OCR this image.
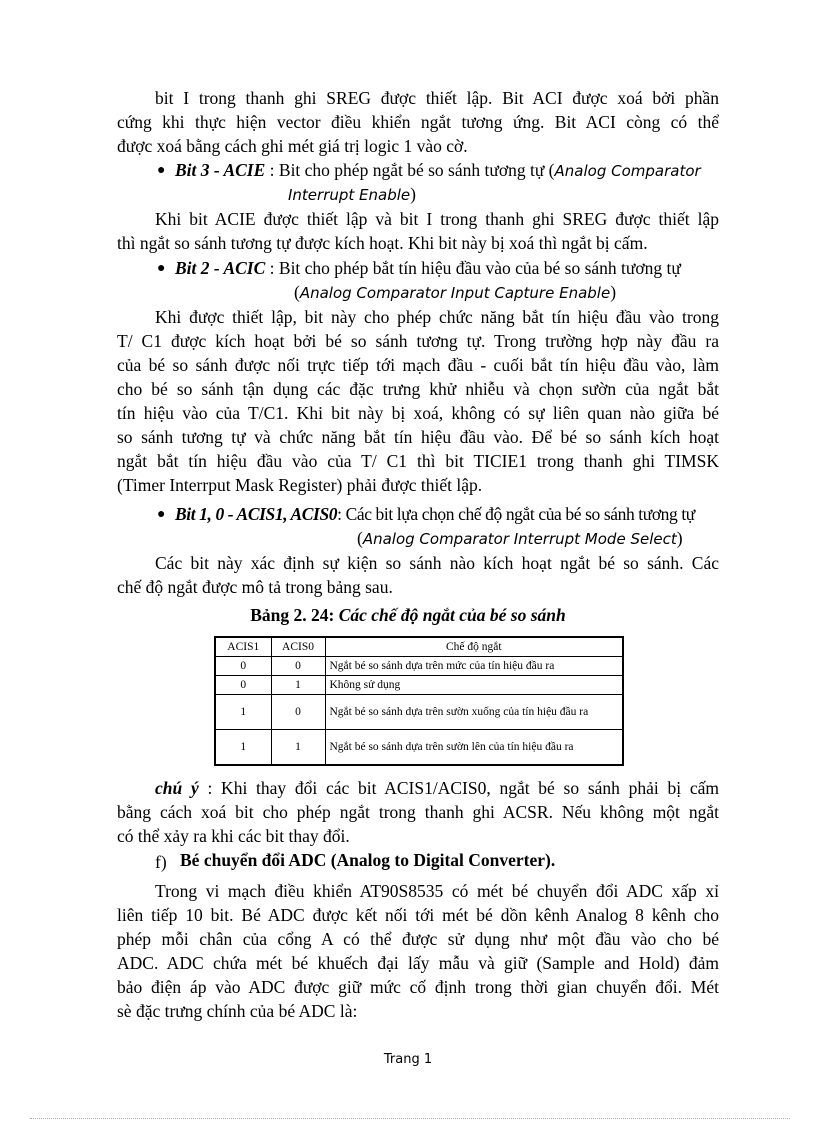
bit I trong thanh ghi SREG được thiết lập. Bit ACI được xoá bởi phần
cứng khi thực hiện vector điều khiển ngắt tương ứng. Bit ACI còng có thể
được xoá bằng cách ghi mét giá trị logic 1 vào cờ.
● Bit 3 - ACIE : Bit cho phép ngắt bé so sánh tương tự (Analog Comparator
Interrupt Enable)
Khi bit ACIE được thiết lập và bit I trong thanh ghi SREG được thiết lập
thì ngắt so sánh tương tự được kích hoạt. Khi bit này bị xoá thì ngắt bị cấm.
● Bit 2 - ACIC : Bit cho phép bắt tín hiệu đầu vào của bé so sánh tương tự
(Analog Comparator Input Capture Enable)
Khi được thiết lập, bit này cho phép chức năng bắt tín hiệu đầu vào trong
T/ C1 được kích hoạt bởi bé so sánh tương tự. Trong trường hợp này đầu ra
của bé so sánh được nối trực tiếp tới mạch đầu - cuối bắt tín hiệu đầu vào, làm
cho bé so sánh tận dụng các đặc trưng khử nhiễu và chọn sườn của ngắt bắt
tín hiệu vào của T/C1. Khi bit này bị xoá, không có sự liên quan nào giữa bé
so sánh tương tự và chức năng bắt tín hiệu đầu vào. Để bé so sánh kích hoạt
ngắt bắt tín hiệu đầu vào của T/ C1 thì bit TICIE1 trong thanh ghi TIMSK
(Timer Interrput Mask Register) phải được thiết lập.
● Bit 1, 0 - ACIS1, ACIS0: Các bit lựa chọn chế độ ngắt của bé so sánh tương tự
(Analog Comparator Interrupt Mode Select)
Các bit này xác định sự kiện so sánh nào kích hoạt ngắt bé so sánh. Các
chế độ ngắt được mô tả trong bảng sau.
Bảng 2. 24: Các chế độ ngắt của bé so sánh
ACIS1	ACIS0	Chế độ ngắt
0	0	Ngắt bé so sánh dựa trên mức của tín hiệu đầu ra
0	1	Không sử dụng
1	0	Ngắt bé so sánh dựa trên sườn xuống của tín hiệu đầu ra
1	1	Ngắt bé so sánh dựa trên sườn lên của tín hiệu đầu ra
chú ý : Khi thay đổi các bit ACIS1/ACIS0, ngắt bé so sánh phải bị cấm
bằng cách xoá bit cho phép ngắt trong thanh ghi ACSR. Nếu không một ngắt
có thể xảy ra khi các bit thay đổi.
f) Bé chuyển đổi ADC (Analog to Digital Converter).
Trong vi mạch điều khiển AT90S8535 có mét bé chuyển đổi ADC xấp xỉ
liên tiếp 10 bit. Bé ADC được kết nối tới mét bé dồn kênh Analog 8 kênh cho
phép mỗi chân của cổng A có thể được sử dụng như một đầu vào cho bé
ADC. ADC chứa mét bé khuếch đại lấy mẫu và giữ (Sample and Hold) đảm
bảo điện áp vào ADC được giữ mức cố định trong thời gian chuyển đổi. Mét
sè đặc trưng chính của bé ADC là:
Trang 1
